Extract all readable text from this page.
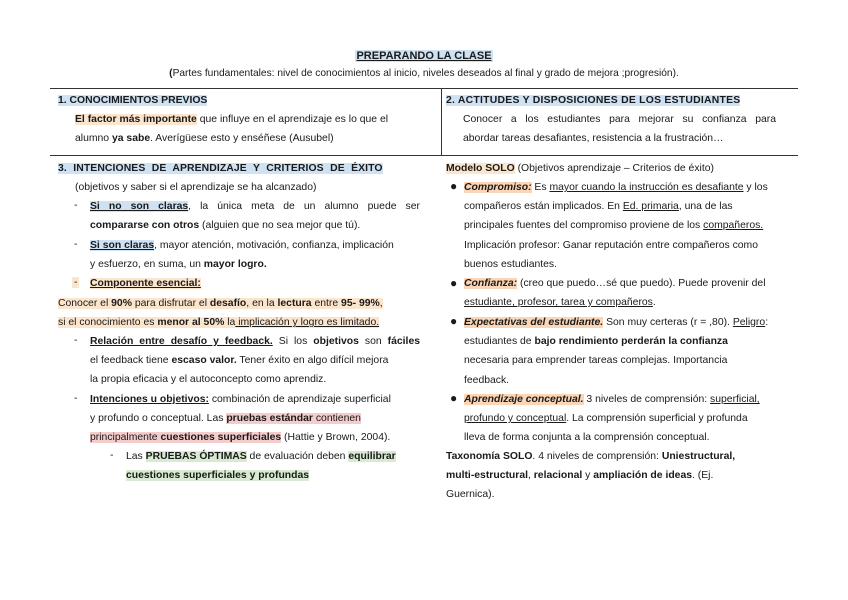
PREPARANDO LA CLASE
(Partes fundamentales: nivel de conocimientos al inicio, niveles deseados al final y grado de mejora ;progresión).
1. CONOCIMIENTOS PREVIOS
El factor más importante que influye en el aprendizaje es lo que el
alumno ya sabe. Averígüese esto y enséñese (Ausubel)
2. ACTITUDES Y DISPOSICIONES DE LOS ESTUDIANTES
Conocer a los estudiantes para mejorar su confianza para
abordar tareas desafiantes, resistencia a la frustración…
3. INTENCIONES DE APRENDIZAJE Y CRITERIOS DE ÉXITO
(objetivos y saber si el aprendizaje se ha alcanzado)
- Si no son claras, la única meta de un alumno puede ser
compararse con otros (alguien que no sea mejor que tú).
- Si son claras, mayor atención, motivación, confianza, implicación
y esfuerzo, en suma, un mayor logro.
- Componente esencial:
Conocer el 90% para disfrutar el desafío, en la lectura entre 95- 99%,
si el conocimiento es menor al 50% la implicación y logro es limitado.
- Relación entre desafío y feedback. Si los objetivos son fáciles
el feedback tiene escaso valor. Tener éxito en algo difícil mejora
la propia eficacia y el autoconcepto como aprendiz.
- Intenciones u objetivos: combinación de aprendizaje superficial
y profundo o conceptual. Las pruebas estándar contienen
principalmente cuestiones superficiales (Hattie y Brown, 2004).
- Las PRUEBAS ÓPTIMAS de evaluación deben equilibrar
cuestiones superficiales y profundas
Modelo SOLO (Objetivos aprendizaje – Criterios de éxito)
● Compromiso: Es mayor cuando la instrucción es desafiante y los
compañeros están implicados. En Ed. primaria, una de las
principales fuentes del compromiso proviene de los compañeros.
Implicación profesor: Ganar reputación entre compañeros como
buenos estudiantes.
● Confianza: (creo que puedo…sé que puedo). Puede provenir del
estudiante, profesor, tarea y compañeros.
● Expectativas del estudiante. Son muy certeras (r = ,80). Peligro:
estudiantes de bajo rendimiento perderán la confianza
necesaria para emprender tareas complejas. Importancia
feedback.
● Aprendizaje conceptual. 3 niveles de comprensión: superficial,
profundo y conceptual. La comprensión superficial y profunda
lleva de forma conjunta a la comprensión conceptual.
Taxonomía SOLO. 4 niveles de comprensión: Uniestructural,
multi-estructural, relacional y ampliación de ideas. (Ej.
Guernica).
